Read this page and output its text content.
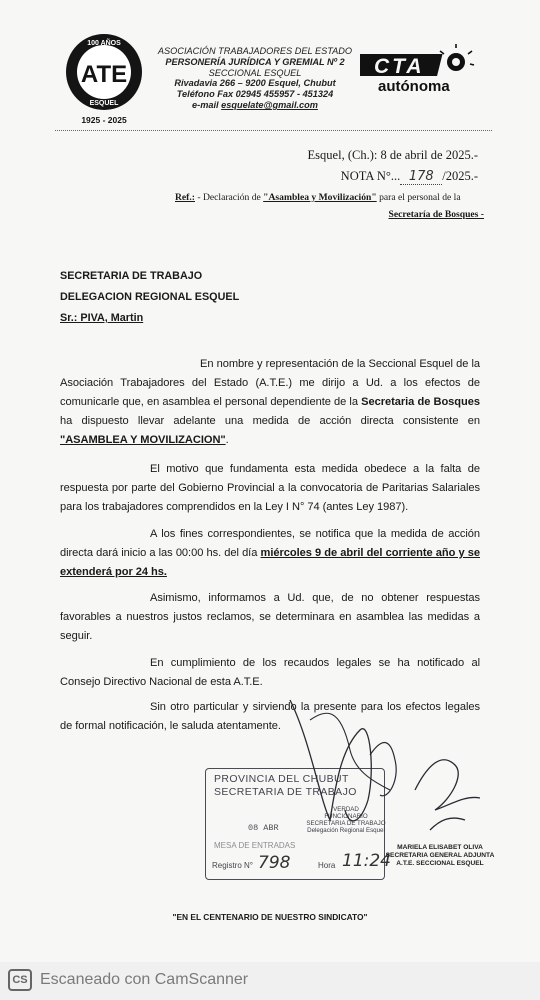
100 AÑOS
ATE
ESQUEL
1925 - 2025
ASOCIACIÓN TRABAJADORES DEL ESTADO
PERSONERÍA JURÍDICA Y GREMIAL Nº 2
SECCIONAL ESQUEL
Rivadavia 266 – 9200 Esquel, Chubut
Teléfono Fax 02945 455957 - 451324
e-mail esquelate@gmail.com
CTA
autónoma
Esquel, (Ch.): 8 de abril de 2025.-
NOTA N°... 178 /2025.-
Ref.: - Declaración de "Asamblea y Movilización" para el personal de la
Secretaría de Bosques -
SECRETARIA DE TRABAJO
DELEGACION REGIONAL ESQUEL
Sr.: PIVA, Martin
En nombre y representación de la Seccional Esquel de la Asociación Trabajadores del Estado (A.T.E.) me dirijo a Ud. a los efectos de comunicarle que, en asamblea el personal dependiente de la Secretaria de Bosques ha dispuesto llevar adelante una medida de acción directa consistente en "ASAMBLEA Y MOVILIZACION".
El motivo que fundamenta esta medida obedece a la falta de respuesta por parte del Gobierno Provincial a la convocatoria de Paritarias Salariales para los trabajadores comprendidos en la Ley I N° 74 (antes Ley 1987).
A los fines correspondientes, se notifica que la medida de acción directa dará inicio a las 00:00 hs. del día miércoles 9 de abril del corriente año y se extenderá por 24 hs.
Asimismo, informamos a Ud. que, de no obtener respuestas favorables a nuestros justos reclamos, se determinara en asamblea las medidas a seguir.
En cumplimiento de los recaudos legales se ha notificado al Consejo Directivo Nacional de esta A.T.E.
Sin otro particular y sirviendo la presente para los efectos legales de formal notificación, le saluda atentamente.
PROVINCIA DEL CHUBUT
SECRETARIA DE TRABAJO
MESA DE ENTRADAS
Registro N° 798	Hora 11:24
08 ABR
VERDAD
FUNCIONARIO
SECRETARIA DE TRABAJO
Delegación Regional Esquel
MARIELA ELISABET OLIVA
SECRETARIA GENERAL ADJUNTA
A.T.E. SECCIONAL ESQUEL
"EN EL CENTENARIO DE NUESTRO SINDICATO"
CS Escaneado con CamScanner
